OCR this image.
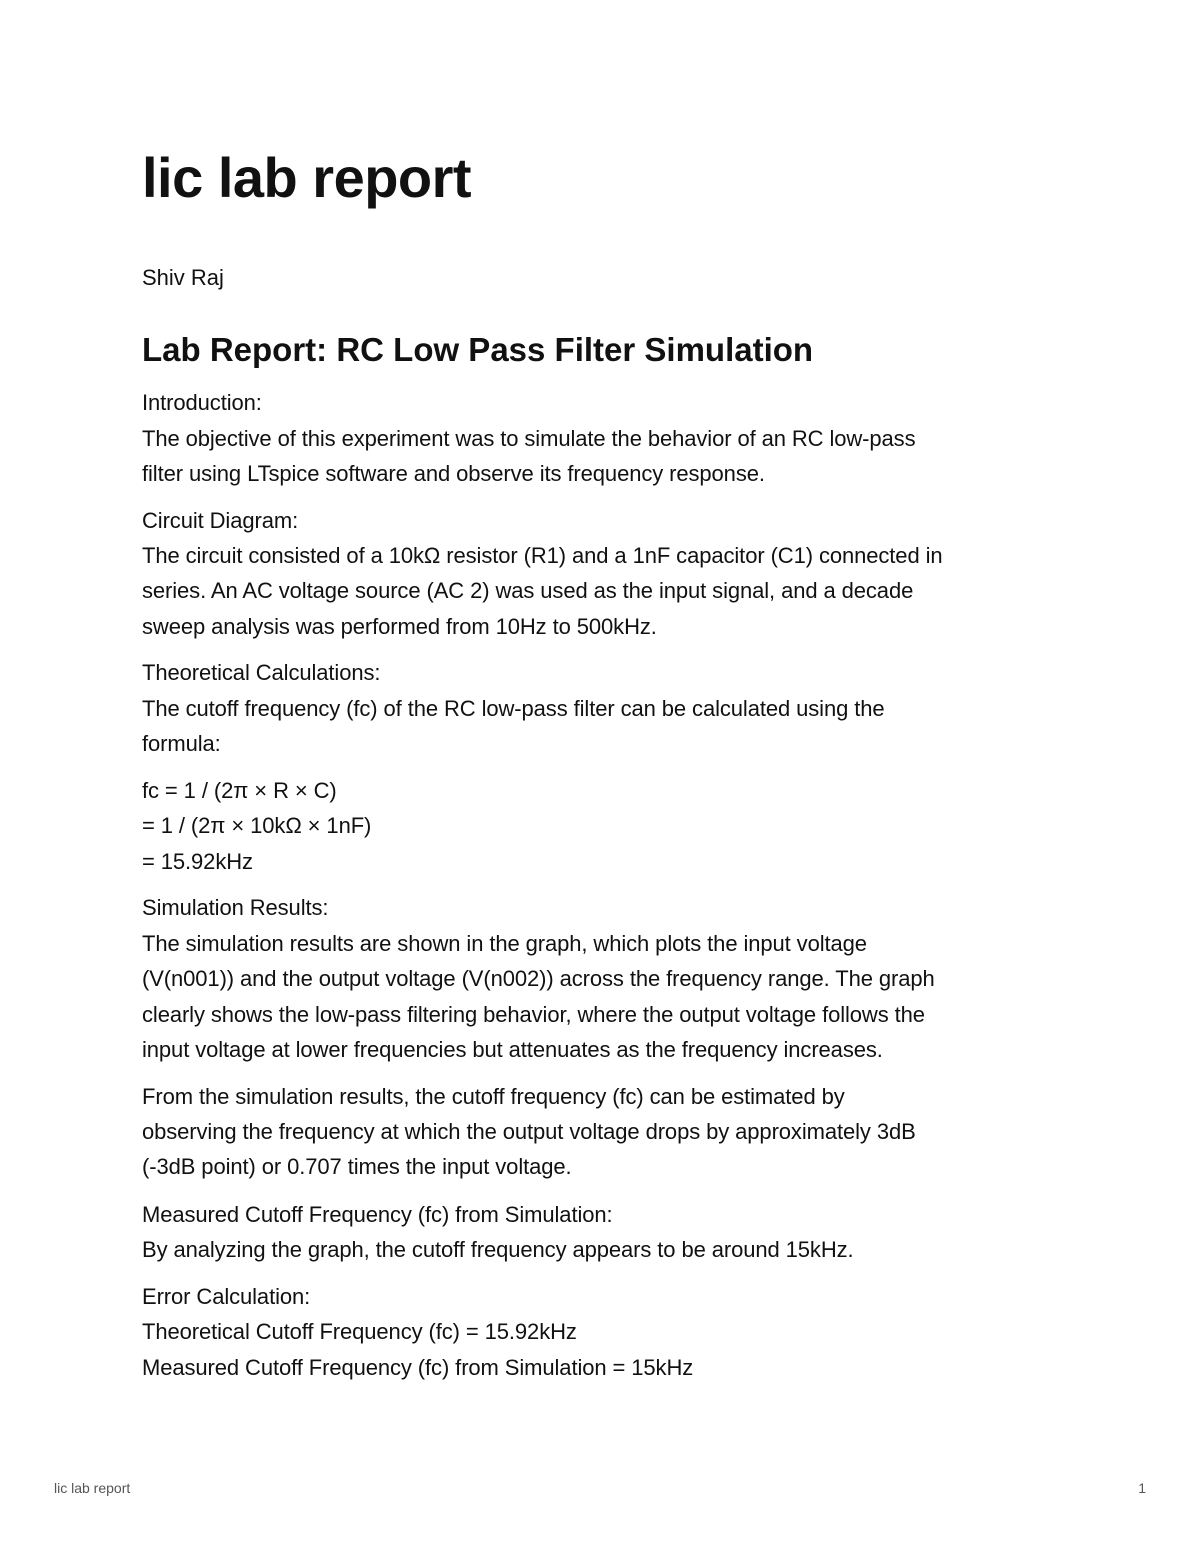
lic lab report
Shiv Raj
Lab Report: RC Low Pass Filter Simulation
Introduction:
The objective of this experiment was to simulate the behavior of an RC low-pass
filter using LTspice software and observe its frequency response.
Circuit Diagram:
The circuit consisted of a 10kΩ resistor (R1) and a 1nF capacitor (C1) connected in
series. An AC voltage source (AC 2) was used as the input signal, and a decade
sweep analysis was performed from 10Hz to 500kHz.
Theoretical Calculations:
The cutoff frequency (fc) of the RC low-pass filter can be calculated using the
formula:
fc = 1 / (2π × R × C)
= 1 / (2π × 10kΩ × 1nF)
= 15.92kHz
Simulation Results:
The simulation results are shown in the graph, which plots the input voltage
(V(n001)) and the output voltage (V(n002)) across the frequency range. The graph
clearly shows the low-pass filtering behavior, where the output voltage follows the
input voltage at lower frequencies but attenuates as the frequency increases.
From the simulation results, the cutoff frequency (fc) can be estimated by
observing the frequency at which the output voltage drops by approximately 3dB
(-3dB point) or 0.707 times the input voltage.
Measured Cutoff Frequency (fc) from Simulation:
By analyzing the graph, the cutoff frequency appears to be around 15kHz.
Error Calculation:
Theoretical Cutoff Frequency (fc) = 15.92kHz
Measured Cutoff Frequency (fc) from Simulation = 15kHz
lic lab report	1
